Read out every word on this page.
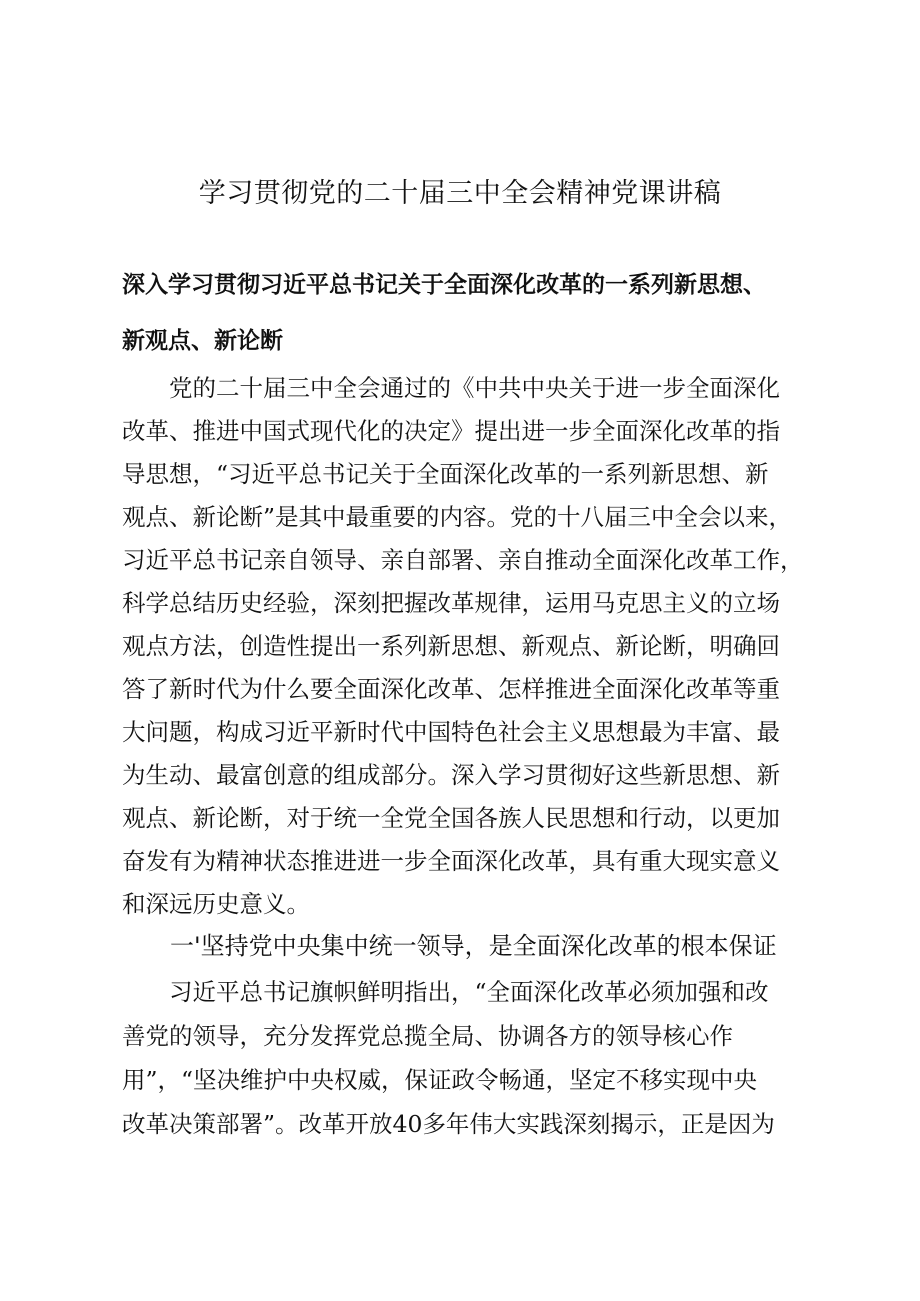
学习贯彻党的二十届三中全会精神党课讲稿
深入学习贯彻习近平总书记关于全面深化改革的一系列新思想、
新观点、新论断
　　党的二十届三中全会通过的《中共中央关于进一步全面深化
改革、推进中国式现代化的决定》提出进一步全面深化改革的指
导思想，“习近平总书记关于全面深化改革的一系列新思想、新
观点、新论断”是其中最重要的内容。党的十八届三中全会以来，
习近平总书记亲自领导、亲自部署、亲自推动全面深化改革工作，
科学总结历史经验，深刻把握改革规律，运用马克思主义的立场
观点方法，创造性提出一系列新思想、新观点、新论断，明确回
答了新时代为什么要全面深化改革、怎样推进全面深化改革等重
大问题，构成习近平新时代中国特色社会主义思想最为丰富、最
为生动、最富创意的组成部分。深入学习贯彻好这些新思想、新
观点、新论断，对于统一全党全国各族人民思想和行动，以更加
奋发有为精神状态推进进一步全面深化改革，具有重大现实意义
和深远历史意义。
一'坚持党中央集中统一领导，是全面深化改革的根本保证
　　习近平总书记旗帜鲜明指出，“全面深化改革必须加强和改
善党的领导，充分发挥党总揽全局、协调各方的领导核心作
用”，“坚决维护中央权威，保证政令畅通，坚定不移实现中央
改革决策部署”。改革开放40多年伟大实践深刻揭示，正是因为
